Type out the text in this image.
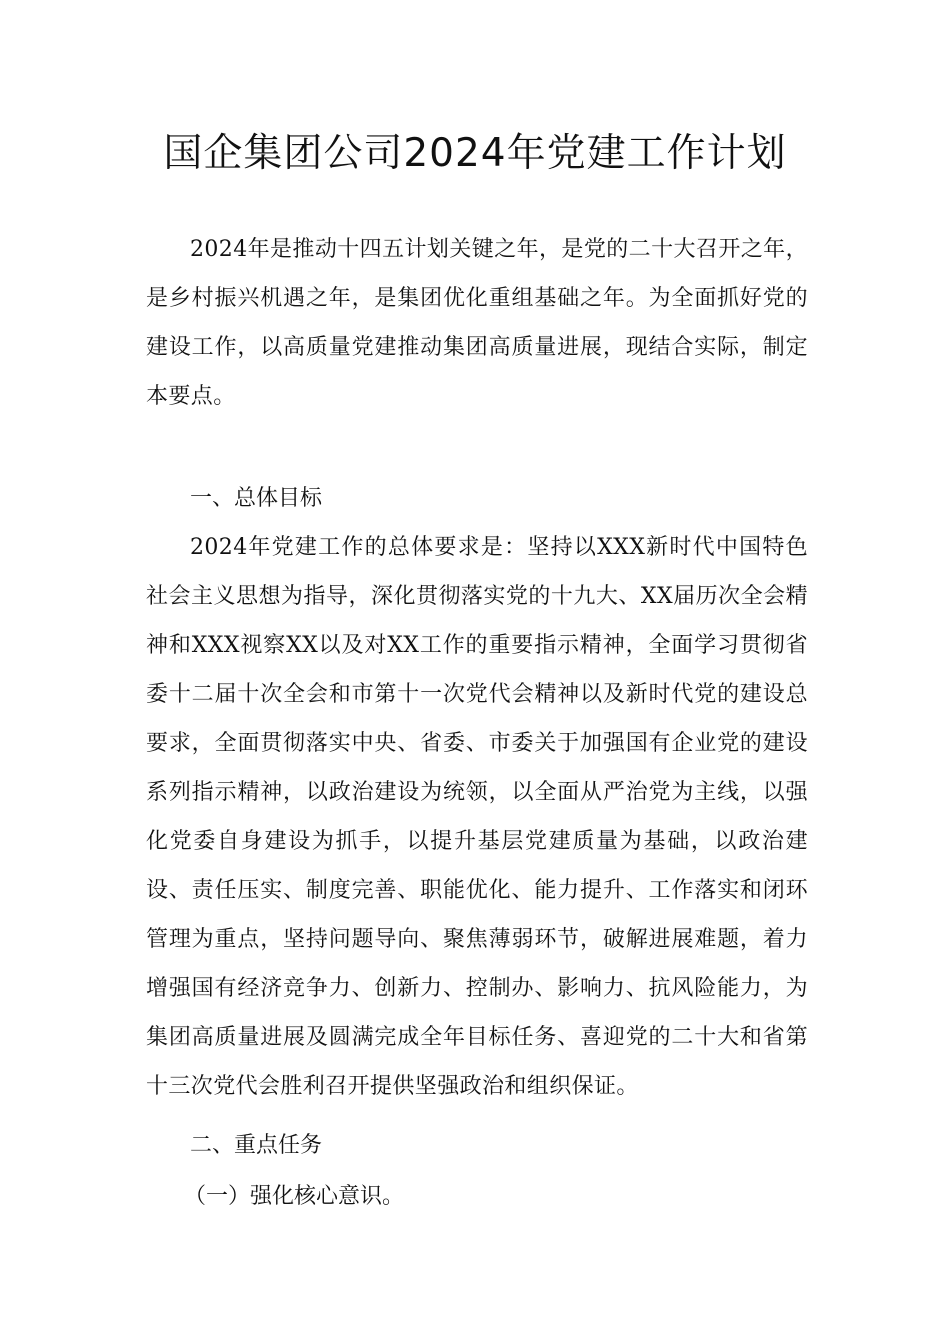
国企集团公司2024年党建工作计划

2024年是推动十四五计划关键之年，是党的二十大召开之年，是乡村振兴机遇之年，是集团优化重组基础之年。为全面抓好党的建设工作，以高质量党建推动集团高质量进展，现结合实际，制定本要点。

一、总体目标

2024年党建工作的总体要求是：坚持以XXX新时代中国特色社会主义思想为指导，深化贯彻落实党的十九大、XX届历次全会精神和XXX视察XX以及对XX工作的重要指示精神，全面学习贯彻省委十二届十次全会和市第十一次党代会精神以及新时代党的建设总要求，全面贯彻落实中央、省委、市委关于加强国有企业党的建设系列指示精神，以政治建设为统领，以全面从严治党为主线，以强化党委自身建设为抓手，以提升基层党建质量为基础，以政治建设、责任压实、制度完善、职能优化、能力提升、工作落实和闭环管理为重点，坚持问题导向、聚焦薄弱环节，破解进展难题，着力增强国有经济竞争力、创新力、控制办、影响力、抗风险能力，为集团高质量进展及圆满完成全年目标任务、喜迎党的二十大和省第十三次党代会胜利召开提供坚强政治和组织保证。

二、重点任务

（一）强化核心意识。
